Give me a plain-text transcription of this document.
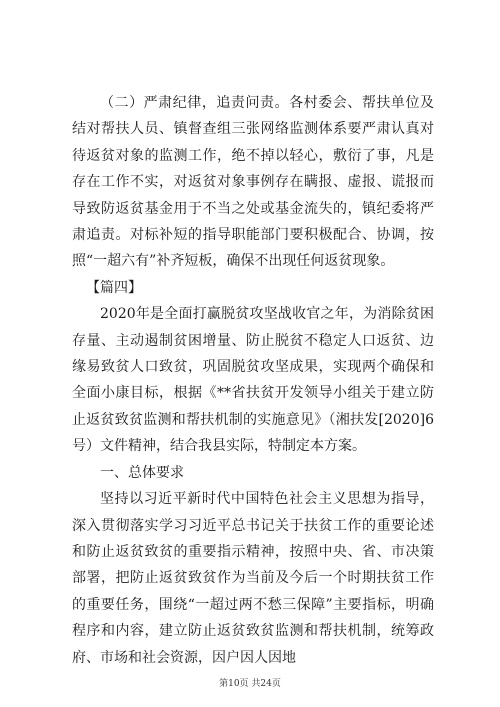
（二）严肃纪律，追责问责。各村委会、帮扶单位及结对帮扶人员、镇督查组三张网络监测体系要严肃认真对待返贫对象的监测工作，绝不掉以轻心，敷衍了事，凡是存在工作不实，对返贫对象事例存在瞒报、虚报、谎报而导致防返贫基金用于不当之处或基金流失的，镇纪委将严肃追责。对标补短的指导职能部门要积极配合、协调，按照“一超六有”补齐短板，确保不出现任何返贫现象。

【篇四】

2020年是全面打赢脱贫攻坚战收官之年，为消除贫困存量、主动遏制贫困增量、防止脱贫不稳定人口返贫、边缘易致贫人口致贫，巩固脱贫攻坚成果，实现两个确保和全面小康目标，根据《**省扶贫开发领导小组关于建立防止返贫致贫监测和帮扶机制的实施意见》（湘扶发[2020]6号）文件精神，结合我县实际，特制定本方案。

一、总体要求

坚持以习近平新时代中国特色社会主义思想为指导，深入贯彻落实学习习近平总书记关于扶贫工作的重要论述和防止返贫致贫的重要指示精神，按照中央、省、市决策部署，把防止返贫致贫作为当前及今后一个时期扶贫工作的重要任务，围绕“一超过两不愁三保障”主要指标，明确程序和内容，建立防止返贫致贫监测和帮扶机制，统筹政府、市场和社会资源，因户因人因地

第10页 共24页
